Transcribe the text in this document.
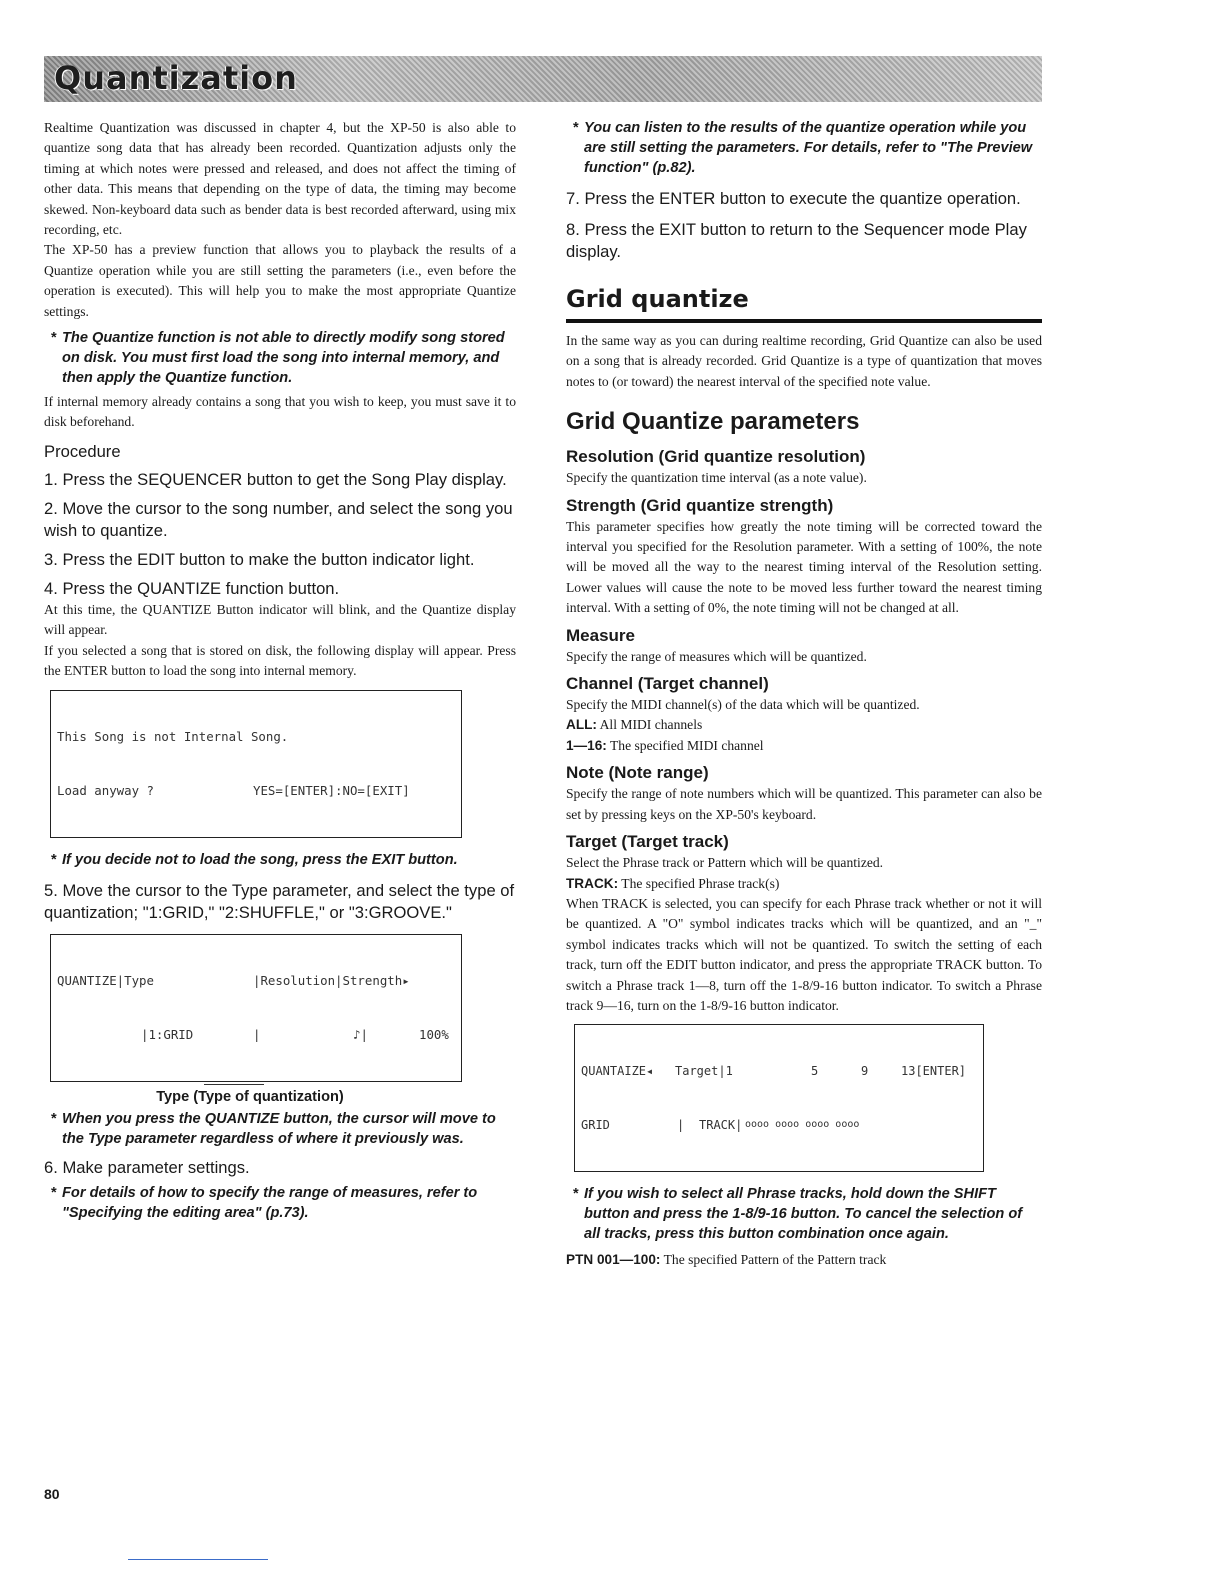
Quantization

Realtime Quantization was discussed in chapter 4, but the XP-50 is also able to quantize song data that has already been recorded. Quantization adjusts only the timing at which notes were pressed and released, and does not affect the timing of other data. This means that depending on the type of data, the timing may become skewed. Non-keyboard data such as bender data is best recorded afterward, using mix recording, etc.

The XP-50 has a preview function that allows you to playback the results of a Quantize operation while you are still setting the parameters (i.e., even before the operation is executed). This will help you to make the most appropriate Quantize settings.

* The Quantize function is not able to directly modify song stored on disk. You must first load the song into internal memory, and then apply the Quantize function.

If internal memory already contains a song that you wish to keep, you must save it to disk beforehand.

Procedure

1. Press the SEQUENCER button to get the Song Play display.

2. Move the cursor to the song number, and select the song you wish to quantize.

3. Press the EDIT button to make the button indicator light.

4. Press the QUANTIZE function button.

At this time, the QUANTIZE Button indicator will blink, and the Quantize display will appear.

If you selected a song that is stored on disk, the following display will appear. Press the ENTER button to load the song into internal memory.

This Song is not Internal Song.

Load anyway ?

	YES=[ENTER]:NO=[EXIT]

* If you decide not to load the song, press the EXIT button.

5. Move the cursor to the Type parameter, and select the type of quantization; "1:GRID," "2:SHUFFLE," or "3:GROOVE."

QUANTIZE|Type

	|Resolution|Strength▸

|1:GRID

	|

	♪|

	100%

Type (Type of quantization)

* When you press the QUANTIZE button, the cursor will move to the Type parameter regardless of where it previously was.

6. Make parameter settings.

* For details of how to specify the range of measures, refer to "Specifying the editing area" (p.73).

* You can listen to the results of the quantize operation while you are still setting the parameters. For details, refer to "The Preview function" (p.82).

7. Press the ENTER button to execute the quantize operation.

8. Press the EXIT button to return to the Sequencer mode Play display.

Grid quantize

In the same way as you can during realtime recording, Grid Quantize can also be used on a song that is already recorded. Grid Quantize is a type of quantization that moves notes to (or toward) the nearest interval of the specified note value.

Grid Quantize parameters

Resolution (Grid quantize resolution)

Specify the quantization time interval (as a note value).

Strength (Grid quantize strength)

This parameter specifies how greatly the note timing will be corrected toward the interval you specified for the Resolution parameter. With a setting of 100%, the note will be moved all the way to the nearest timing interval of the Resolution setting. Lower values will cause the note to be moved less further toward the nearest timing interval. With a setting of 0%, the note timing will not be changed at all.

Measure

Specify the range of measures which will be quantized.

Channel (Target channel)

Specify the MIDI channel(s) of the data which will be quantized.

ALL: All MIDI channels

1—16: The specified MIDI channel

Note (Note range)

Specify the range of note numbers which will be quantized. This parameter can also be set by pressing keys on the XP-50's keyboard.

Target (Target track)

Select the Phrase track or Pattern which will be quantized.

TRACK: The specified Phrase track(s)

When TRACK is selected, you can specify for each Phrase track whether or not it will be quantized. A "O" symbol indicates tracks which will be quantized, and an "_" symbol indicates tracks which will not be quantized. To switch the setting of each track, turn off the EDIT button indicator, and press the appropriate TRACK button. To switch a Phrase track 1—8, turn off the 1-8/9-16 button indicator. To switch a Phrase track 9—16, turn on the 1-8/9-16 button indicator.

QUANTAIZE◂

Target|1

	5

	9

	13[ENTER]

GRID

	|

TRACK|

oooo oooo oooo oooo

* If you wish to select all Phrase tracks, hold down the SHIFT button and press the 1-8/9-16 button. To cancel the selection of all tracks, press this button combination once again.

PTN 001—100: The specified Pattern of the Pattern track

80
